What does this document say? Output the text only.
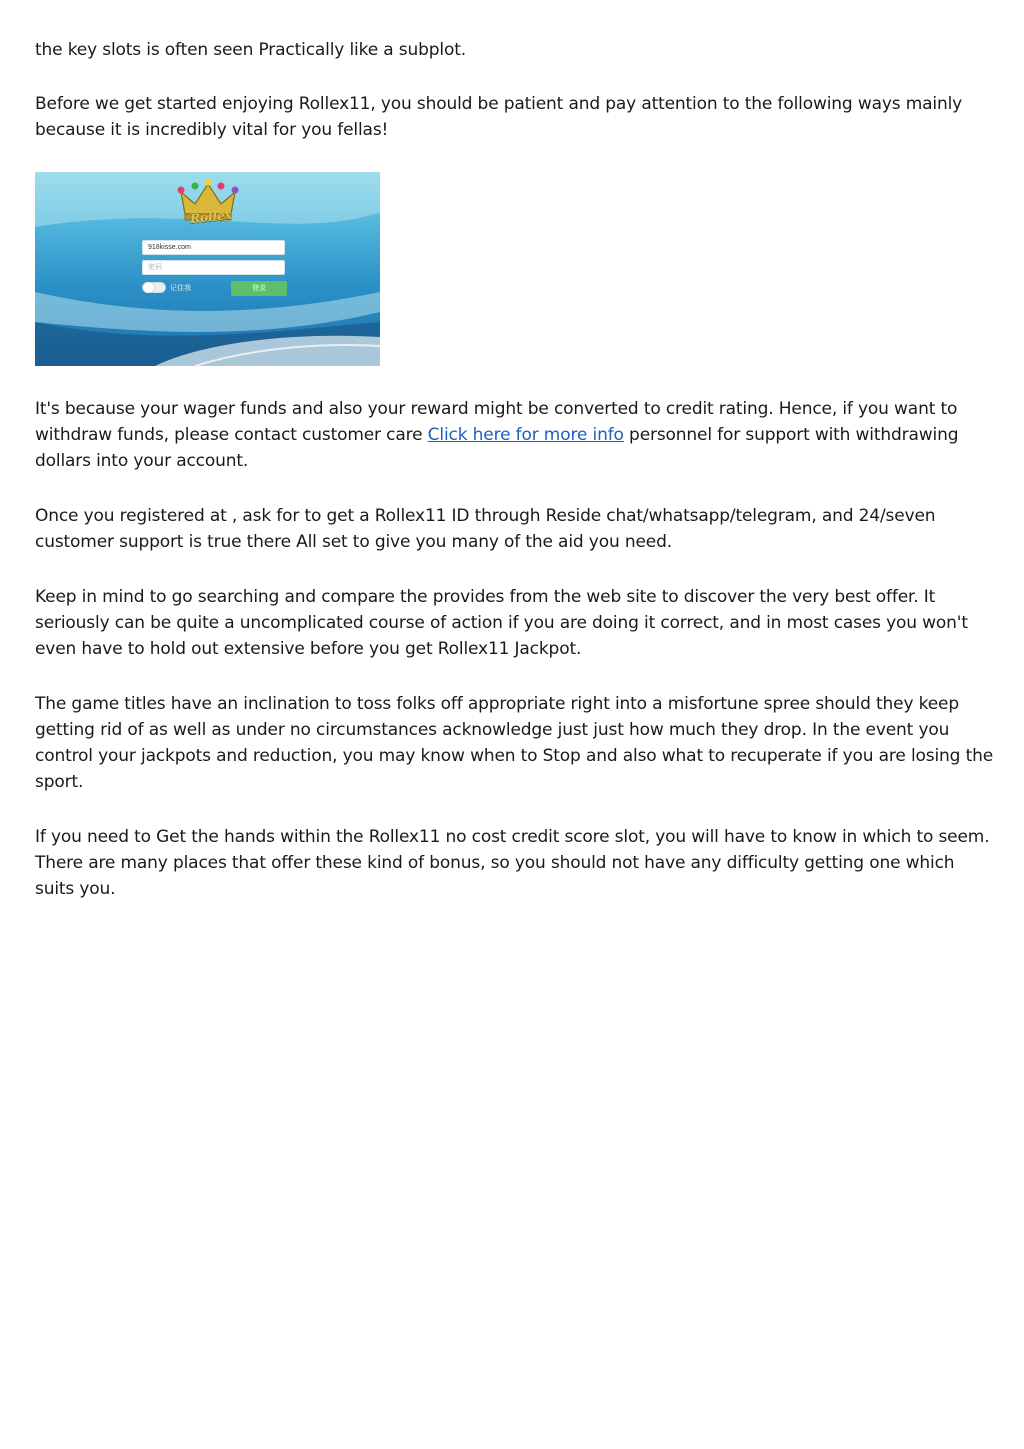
the key slots is often seen Practically like a subplot.

Before we get started enjoying Rollex11, you should be patient and pay attention to the following ways mainly because it is incredibly vital for you fellas!

Rollex
918kisse.com
密码
记住我	登录

It's because your wager funds and also your reward might be converted to credit rating. Hence, if you want to withdraw funds, please contact customer care Click here for more info personnel for support with withdrawing dollars into your account.

Once you registered at , ask for to get a Rollex11 ID through Reside chat/whatsapp/telegram, and 24/seven customer support is true there All set to give you many of the aid you need.

Keep in mind to go searching and compare the provides from the web site to discover the very best offer. It seriously can be quite a uncomplicated course of action if you are doing it correct, and in most cases you won't even have to hold out extensive before you get Rollex11 Jackpot.

The game titles have an inclination to toss folks off appropriate right into a misfortune spree should they keep getting rid of as well as under no circumstances acknowledge just just how much they drop. In the event you control your jackpots and reduction, you may know when to Stop and also what to recuperate if you are losing the sport.

If you need to Get the hands within the Rollex11 no cost credit score slot, you will have to know in which to seem. There are many places that offer these kind of bonus, so you should not have any difficulty getting one which suits you.
